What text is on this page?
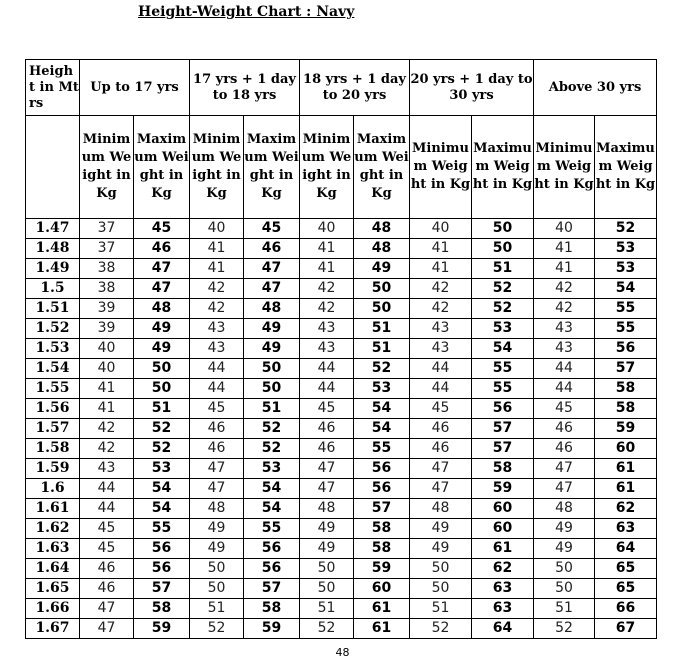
Height-Weight Chart : Navy
Height in Mtrs	Up to 17 yrs		17 yrs + 1 day to 18 yrs		18 yrs + 1 day to 20 yrs		20 yrs + 1 day to 30 yrs		Above 30 yrs	
	Minimum Weight in Kg	Maximum Weight in Kg	Minimum Weight in Kg	Maximum Weight in Kg	Minimum Weight in Kg	Maximum Weight in Kg	Minimum Weight in Kg	Maximum Weight in Kg	Minimum Weight in Kg	Maximum Weight in Kg
1.47	37	45	40	45	40	48	40	50	40	52
1.48	37	46	41	46	41	48	41	50	41	53
1.49	38	47	41	47	41	49	41	51	41	53
1.5	38	47	42	47	42	50	42	52	42	54
1.51	39	48	42	48	42	50	42	52	42	55
1.52	39	49	43	49	43	51	43	53	43	55
1.53	40	49	43	49	43	51	43	54	43	56
1.54	40	50	44	50	44	52	44	55	44	57
1.55	41	50	44	50	44	53	44	55	44	58
1.56	41	51	45	51	45	54	45	56	45	58
1.57	42	52	46	52	46	54	46	57	46	59
1.58	42	52	46	52	46	55	46	57	46	60
1.59	43	53	47	53	47	56	47	58	47	61
1.6	44	54	47	54	47	56	47	59	47	61
1.61	44	54	48	54	48	57	48	60	48	62
1.62	45	55	49	55	49	58	49	60	49	63
1.63	45	56	49	56	49	58	49	61	49	64
1.64	46	56	50	56	50	59	50	62	50	65
1.65	46	57	50	57	50	60	50	63	50	65
1.66	47	58	51	58	51	61	51	63	51	66
1.67	47	59	52	59	52	61	52	64	52	67
48
